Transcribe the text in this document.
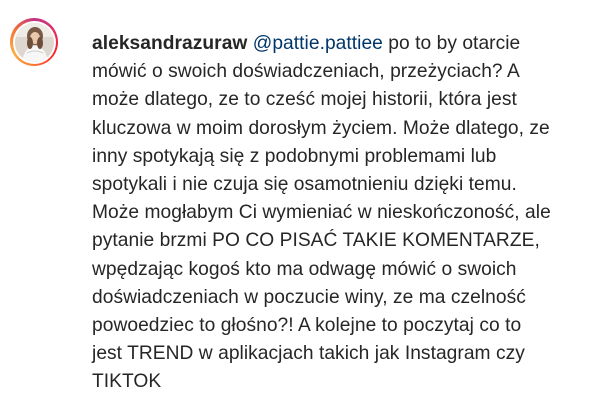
aleksandrazuraw @pattie.pattiee po to by otarcie
mówić o swoich doświadczeniach, przeżyciach? A
może dlatego, ze to cześć mojej historii, która jest
kluczowa w moim dorosłym życiem. Może dlatego, ze
inny spotykają się z podobnymi problemami lub
spotykali i nie czuja się osamotnieniu dzięki temu.
Może mogłabym Ci wymieniać w nieskończoność, ale
pytanie brzmi PO CO PISAĆ TAKIE KOMENTARZE,
wpędzając kogoś kto ma odwagę mówić o swoich
doświadczeniach w poczucie winy, ze ma czelność
powoedziec to głośno?! A kolejne to poczytaj co to
jest TREND w aplikacjach takich jak Instagram czy
TIKTOK
